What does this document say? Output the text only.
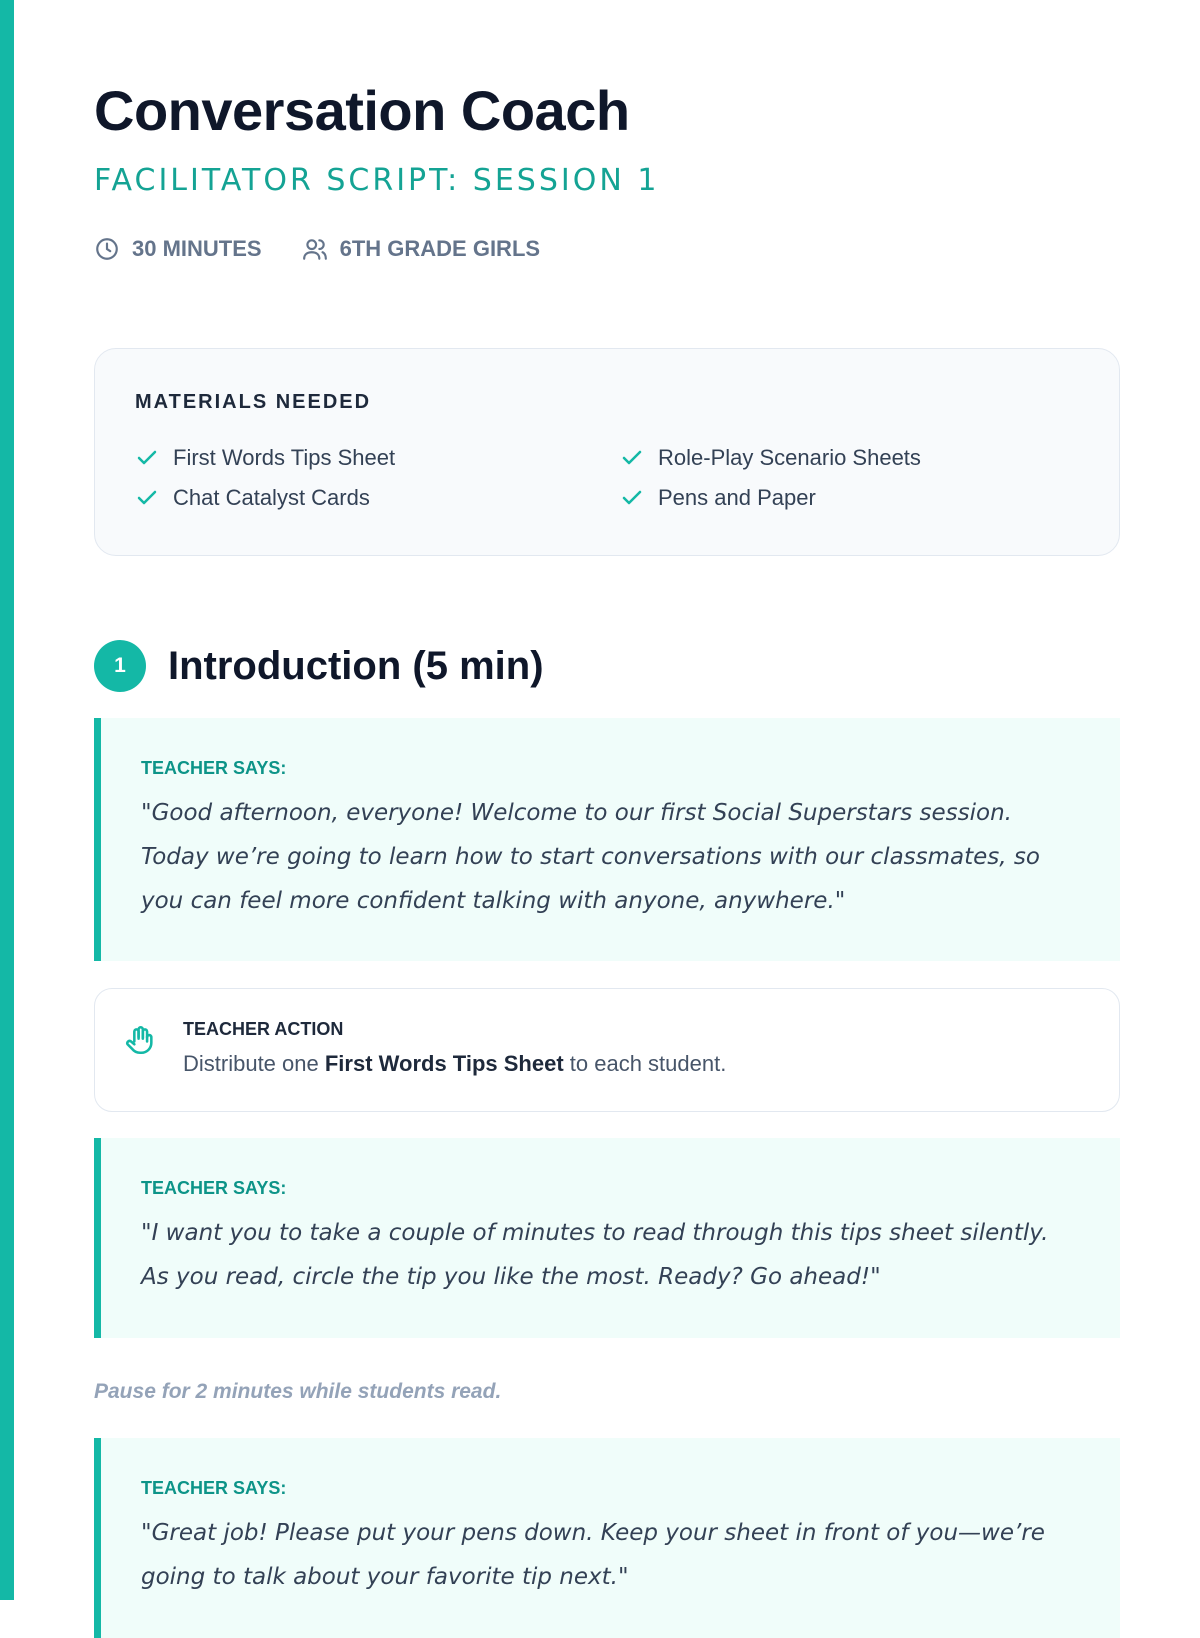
Conversation Coach
FACILITATOR SCRIPT: SESSION 1
30 MINUTES	6TH GRADE GIRLS
MATERIALS NEEDED
First Words Tips Sheet	Role-Play Scenario Sheets
Chat Catalyst Cards	Pens and Paper
1	Introduction (5 min)
TEACHER SAYS:
"Good afternoon, everyone! Welcome to our first Social Superstars session. Today we’re going to learn how to start conversations with our classmates, so you can feel more confident talking with anyone, anywhere."
TEACHER ACTION
Distribute one First Words Tips Sheet to each student.
TEACHER SAYS:
"I want you to take a couple of minutes to read through this tips sheet silently. As you read, circle the tip you like the most. Ready? Go ahead!"
Pause for 2 minutes while students read.
TEACHER SAYS:
"Great job! Please put your pens down. Keep your sheet in front of you—we’re going to talk about your favorite tip next."
